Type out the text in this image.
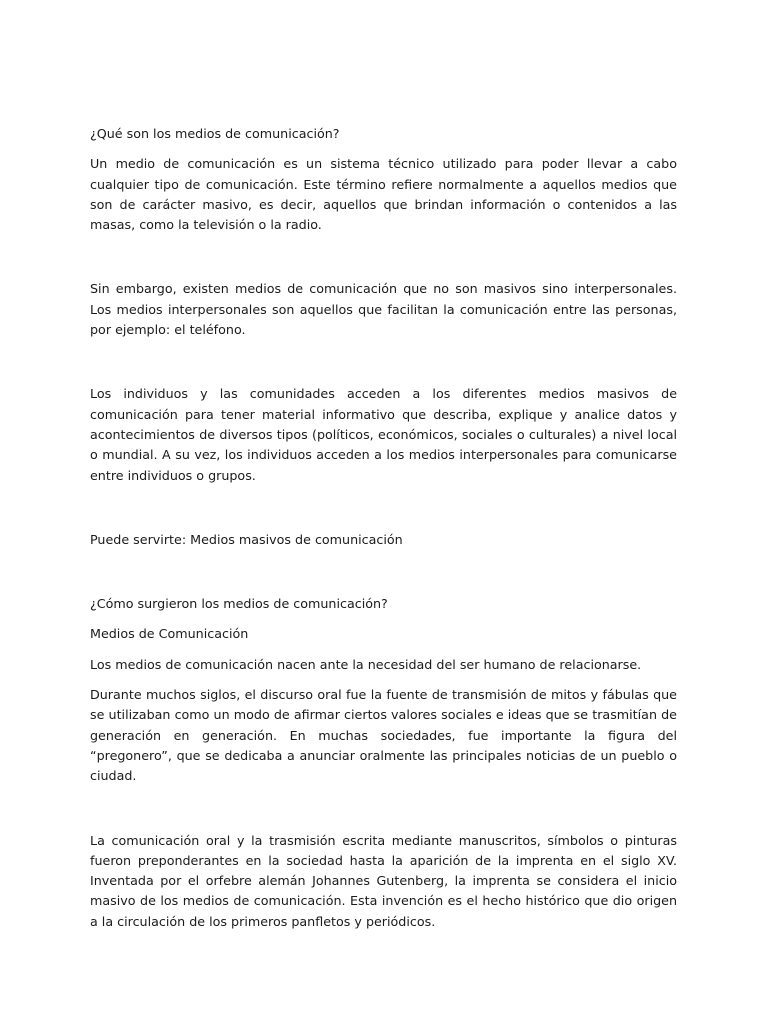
¿Qué son los medios de comunicación?

Un medio de comunicación es un sistema técnico utilizado para poder llevar a cabo cualquier tipo de comunicación. Este término refiere normalmente a aquellos medios que son de carácter masivo, es decir, aquellos que brindan información o contenidos a las masas, como la televisión o la radio.

Sin embargo, existen medios de comunicación que no son masivos sino interpersonales. Los medios interpersonales son aquellos que facilitan la comunicación entre las personas, por ejemplo: el teléfono.

Los individuos y las comunidades acceden a los diferentes medios masivos de comunicación para tener material informativo que describa, explique y analice datos y acontecimientos de diversos tipos (políticos, económicos, sociales o culturales) a nivel local o mundial. A su vez, los individuos acceden a los medios interpersonales para comunicarse entre individuos o grupos.

Puede servirte: Medios masivos de comunicación

¿Cómo surgieron los medios de comunicación?

Medios de Comunicación

Los medios de comunicación nacen ante la necesidad del ser humano de relacionarse.

Durante muchos siglos, el discurso oral fue la fuente de transmisión de mitos y fábulas que se utilizaban como un modo de afirmar ciertos valores sociales e ideas que se trasmitían de generación en generación. En muchas sociedades, fue importante la figura del “pregonero”, que se dedicaba a anunciar oralmente las principales noticias de un pueblo o ciudad.

La comunicación oral y la trasmisión escrita mediante manuscritos, símbolos o pinturas fueron preponderantes en la sociedad hasta la aparición de la imprenta en el siglo XV. Inventada por el orfebre alemán Johannes Gutenberg, la imprenta se considera el inicio masivo de los medios de comunicación. Esta invención es el hecho histórico que dio origen a la circulación de los primeros panfletos y periódicos.
